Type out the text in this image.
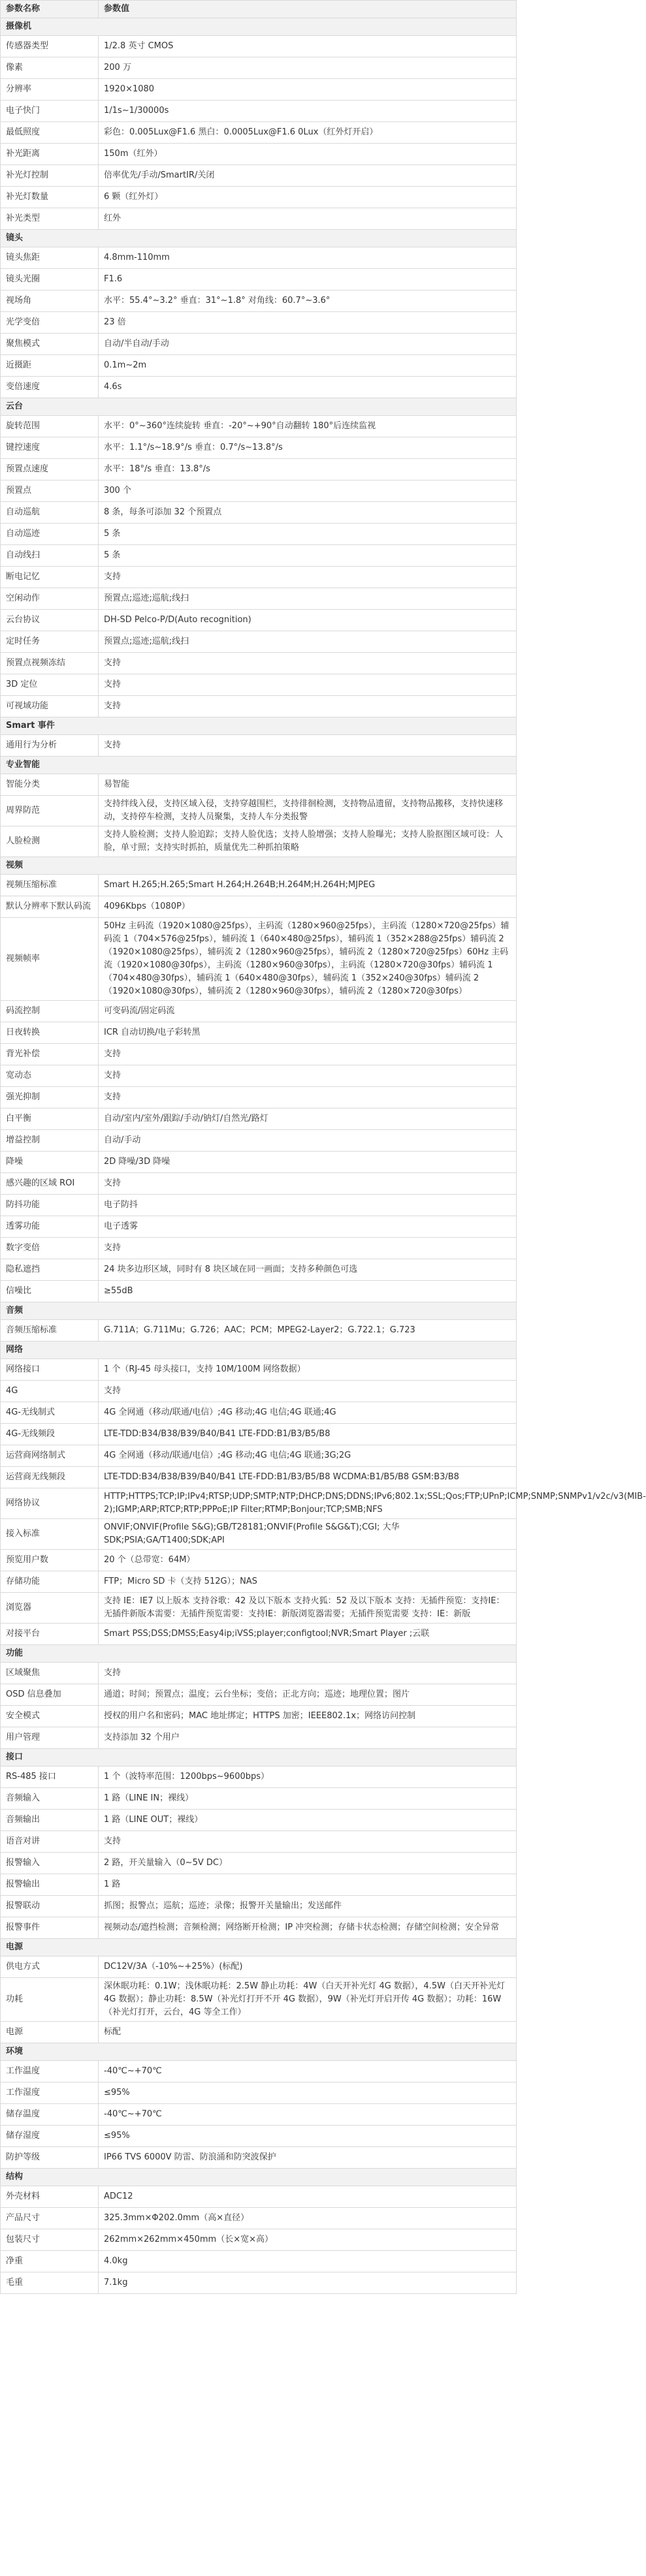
参数名称	参数值
摄像机	
传感器类型	1/2.8 英寸 CMOS
像素	200 万
分辨率	1920×1080
电子快门	1/1s~1/30000s
最低照度	彩色：0.005Lux@F1.6 黑白：0.0005Lux@F1.6 0Lux（红外灯开启）
补光距离	150m（红外）
补光灯控制	倍率优先/手动/SmartIR/关闭
补光灯数量	6 颗（红外灯）
补光类型	红外
镜头	
镜头焦距	4.8mm-110mm
镜头光圈	F1.6
视场角	水平：55.4°~3.2° 垂直：31°~1.8° 对角线：60.7°~3.6°
光学变倍	23 倍
聚焦模式	自动/半自动/手动
近摄距	0.1m~2m
变倍速度	4.6s
云台	
旋转范围	水平：0°~360°连续旋转 垂直：-20°~+90°自动翻转 180°后连续监视
键控速度	水平：1.1°/s~18.9°/s 垂直：0.7°/s~13.8°/s
预置点速度	水平：18°/s 垂直：13.8°/s
预置点	300 个
自动巡航	8 条，每条可添加 32 个预置点
自动巡迹	5 条
自动线扫	5 条
断电记忆	支持
空闲动作	预置点;巡迹;巡航;线扫
云台协议	DH-SD Pelco-P/D(Auto recognition)
定时任务	预置点;巡迹;巡航;线扫
预置点视频冻结	支持
3D 定位	支持
可视域功能	支持
Smart 事件	
通用行为分析	支持
专业智能	
智能分类	易智能
周界防范	支持绊线入侵，支持区域入侵，支持穿越围栏，支持徘徊检测，支持物品遗留，支持物品搬移，支持快速移动，支持停车检测，支持人员聚集，支持人车分类报警
人脸检测	支持人脸检测；支持人脸追踪；支持人脸优选；支持人脸增强；支持人脸曝光；支持人脸抠图区域可设：人脸，单寸照；支持实时抓拍，质量优先二种抓拍策略
视频	
视频压缩标准	Smart H.265;H.265;Smart H.264;H.264B;H.264M;H.264H;MJPEG
默认分辨率下默认码流	4096Kbps（1080P）
视频帧率	50Hz 主码流（1920×1080@25fps），主码流（1280×960@25fps），主码流（1280×720@25fps）辅码流 1（704×576@25fps），辅码流 1（640×480@25fps），辅码流 1（352×288@25fps）辅码流 2（1920×1080@25fps），辅码流 2（1280×960@25fps），辅码流 2（1280×720@25fps）60Hz 主码流（1920×1080@30fps），主码流（1280×960@30fps），主码流（1280×720@30fps）辅码流 1（704×480@30fps），辅码流 1（640×480@30fps），辅码流 1（352×240@30fps）辅码流 2（1920×1080@30fps），辅码流 2（1280×960@30fps），辅码流 2（1280×720@30fps）
码流控制	可变码流/固定码流
日夜转换	ICR 自动切换/电子彩转黑
背光补偿	支持
宽动态	支持
强光抑制	支持
白平衡	自动/室内/室外/跟踪/手动/钠灯/自然光/路灯
增益控制	自动/手动
降噪	2D 降噪/3D 降噪
感兴趣的区域 ROI	支持
防抖功能	电子防抖
透雾功能	电子透雾
数字变倍	支持
隐私遮挡	24 块多边形区域，同时有 8 块区域在同一画面；支持多种颜色可选
信噪比	≥55dB
音频	
音频压缩标准	G.711A；G.711Mu；G.726；AAC；PCM；MPEG2-Layer2；G.722.1；G.723
网络	
网络接口	1 个（RJ-45 母头接口，支持 10M/100M 网络数据）
4G	支持
4G-无线制式	4G 全网通（移动/联通/电信）;4G 移动;4G 电信;4G 联通;4G
4G-无线频段	LTE-TDD:B34/B38/B39/B40/B41 LTE-FDD:B1/B3/B5/B8
运营商网络制式	4G 全网通（移动/联通/电信）;4G 移动;4G 电信;4G 联通;3G;2G
运营商无线频段	LTE-TDD:B34/B38/B39/B40/B41 LTE-FDD:B1/B3/B5/B8 WCDMA:B1/B5/B8 GSM:B3/B8
网络协议	HTTP;HTTPS;TCP;IP;IPv4;RTSP;UDP;SMTP;NTP;DHCP;DNS;DDNS;IPv6;802.1x;SSL;Qos;FTP;UPnP;ICMP;SNMP;SNMPv1/v2c/v3(MIB-2);IGMP;ARP;RTCP;RTP;PPPoE;IP Filter;RTMP;Bonjour;TCP;SMB;NFS
接入标准	ONVIF;ONVIF(Profile S&G);GB/T28181;ONVIF(Profile S&G&T);CGI; 大华 SDK;PSIA;GA/T1400;SDK;API
预览用户数	20 个（总带宽：64M）
存储功能	FTP；Micro SD 卡（支持 512G）；NAS
浏览器	支持 IE：IE7 以上版本 支持谷歌：42 及以下版本 支持火狐：52 及以下版本 支持：无插件预览：支持IE：无插件新版本需要：无插件预览需要：支持IE：新版浏览器需要；无插件预览需要 支持：IE：新版
对接平台	Smart PSS;DSS;DMSS;Easy4ip;iVSS;player;configtool;NVR;Smart Player ;云联
功能	
区域聚焦	支持
OSD 信息叠加	通道；时间；预置点；温度；云台坐标；变倍；正北方向；巡迹；地理位置；图片
安全模式	授权的用户名和密码；MAC 地址绑定；HTTPS 加密；IEEE802.1x；网络访问控制
用户管理	支持添加 32 个用户
接口	
RS-485 接口	1 个（波特率范围：1200bps~9600bps）
音频输入	1 路（LINE IN；裸线）
音频输出	1 路（LINE OUT；裸线）
语音对讲	支持
报警输入	2 路，开关量输入（0~5V DC）
报警输出	1 路
报警联动	抓图；报警点；巡航；巡迹；录像；报警开关量输出；发送邮件
报警事件	视频动态/遮挡检测；音频检测；网络断开检测；IP 冲突检测；存储卡状态检测；存储空间检测；安全异常
电源	
供电方式	DC12V/3A（-10%~+25%）(标配)
功耗	深休眠功耗：0.1W；浅休眠功耗：2.5W 静止功耗：4W（白天开补光灯 4G 数据），4.5W（白天开补光灯 4G 数据）；静止功耗：8.5W（补光灯打开不开 4G 数据），9W（补光灯开启开传 4G 数据）；功耗：16W（补光灯打开，云台，4G 等全工作）
电源	标配
环境	
工作温度	-40℃~+70℃
工作湿度	≤95%
储存温度	-40℃~+70℃
储存湿度	≤95%
防护等级	IP66 TVS 6000V 防雷、防浪涌和防突波保护
结构	
外壳材料	ADC12
产品尺寸	325.3mm×Φ202.0mm（高×直径）
包装尺寸	262mm×262mm×450mm（长×宽×高）
净重	4.0kg
毛重	7.1kg
